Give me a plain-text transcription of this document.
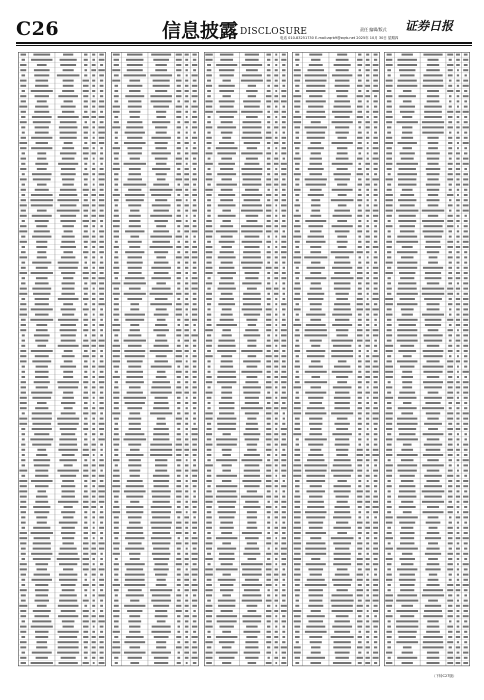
C26	信息披露 DISCLOSURE	责任 编辑/版式 证券日报
电话 010-83251730 E-mail:zqrb9@zqrb.net 2025年 10月 30日 星期四
（下转C27版）
